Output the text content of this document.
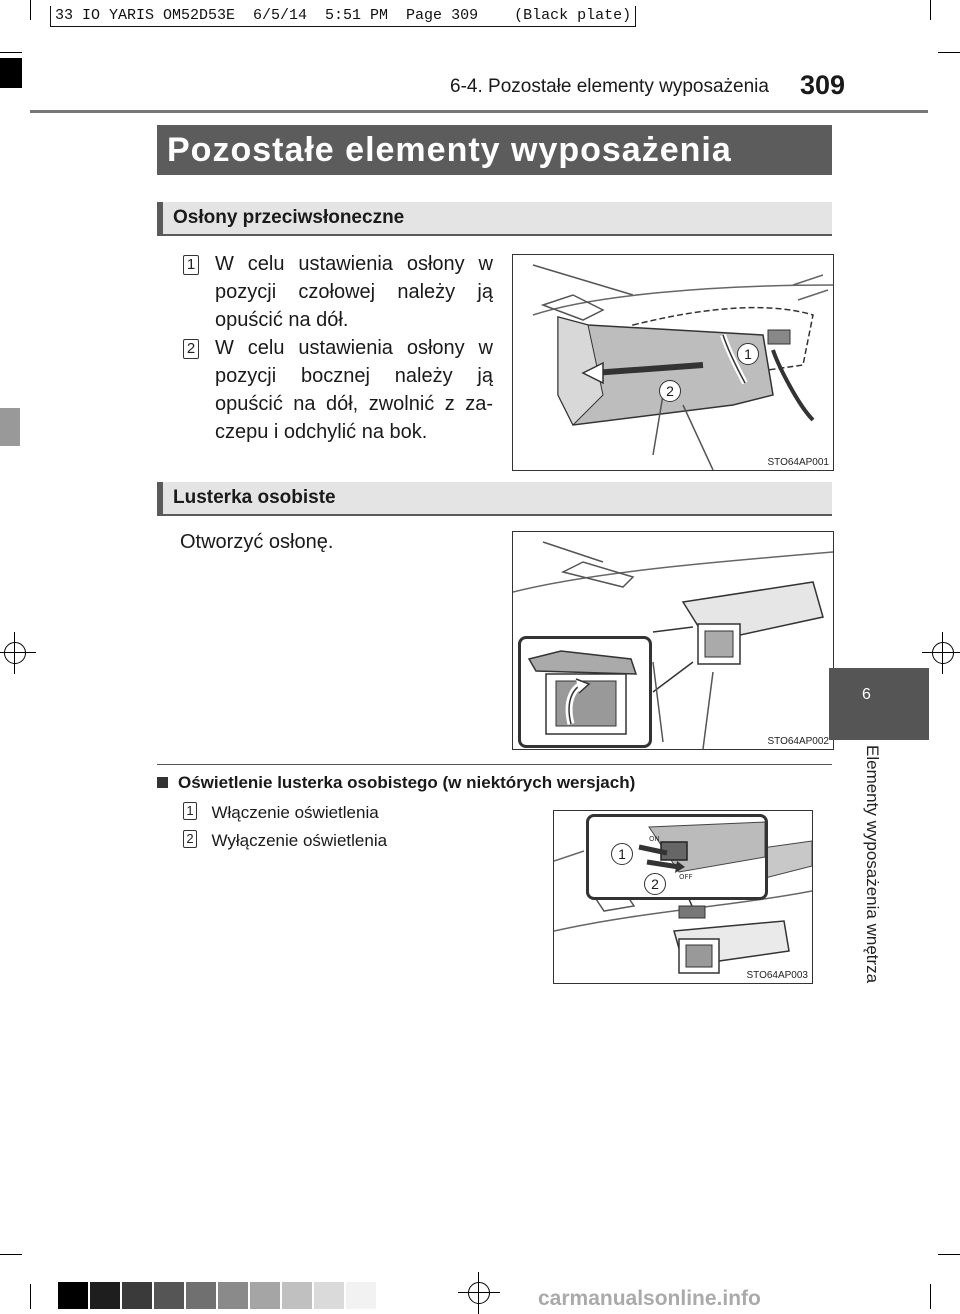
33 IO YARIS OM52D53E  6/5/14  5:51 PM  Page 309    (Black plate)
6-4. Pozostałe elementy wyposażenia 309
Pozostałe elementy wyposażenia
Osłony przeciwsłoneczne
1 W celu ustawienia osłony w pozycji czołowej należy ją opuścić na dół.
2 W celu ustawienia osłony w pozycji bocznej należy ją opuścić na dół, zwolnić z za-czepu i odchylić na bok.
1
2
STO64AP001
Lusterka osobiste
Otworzyć osłonę.
STO64AP002
Oświetlenie lusterka osobistego (w niektórych wersjach)
1 Włączenie oświetlenia
2 Wyłączenie oświetlenia	ON
OFF
1
2
STO64AP003
6
Elementy wyposażenia wnętrza
carmanualsonline.info
